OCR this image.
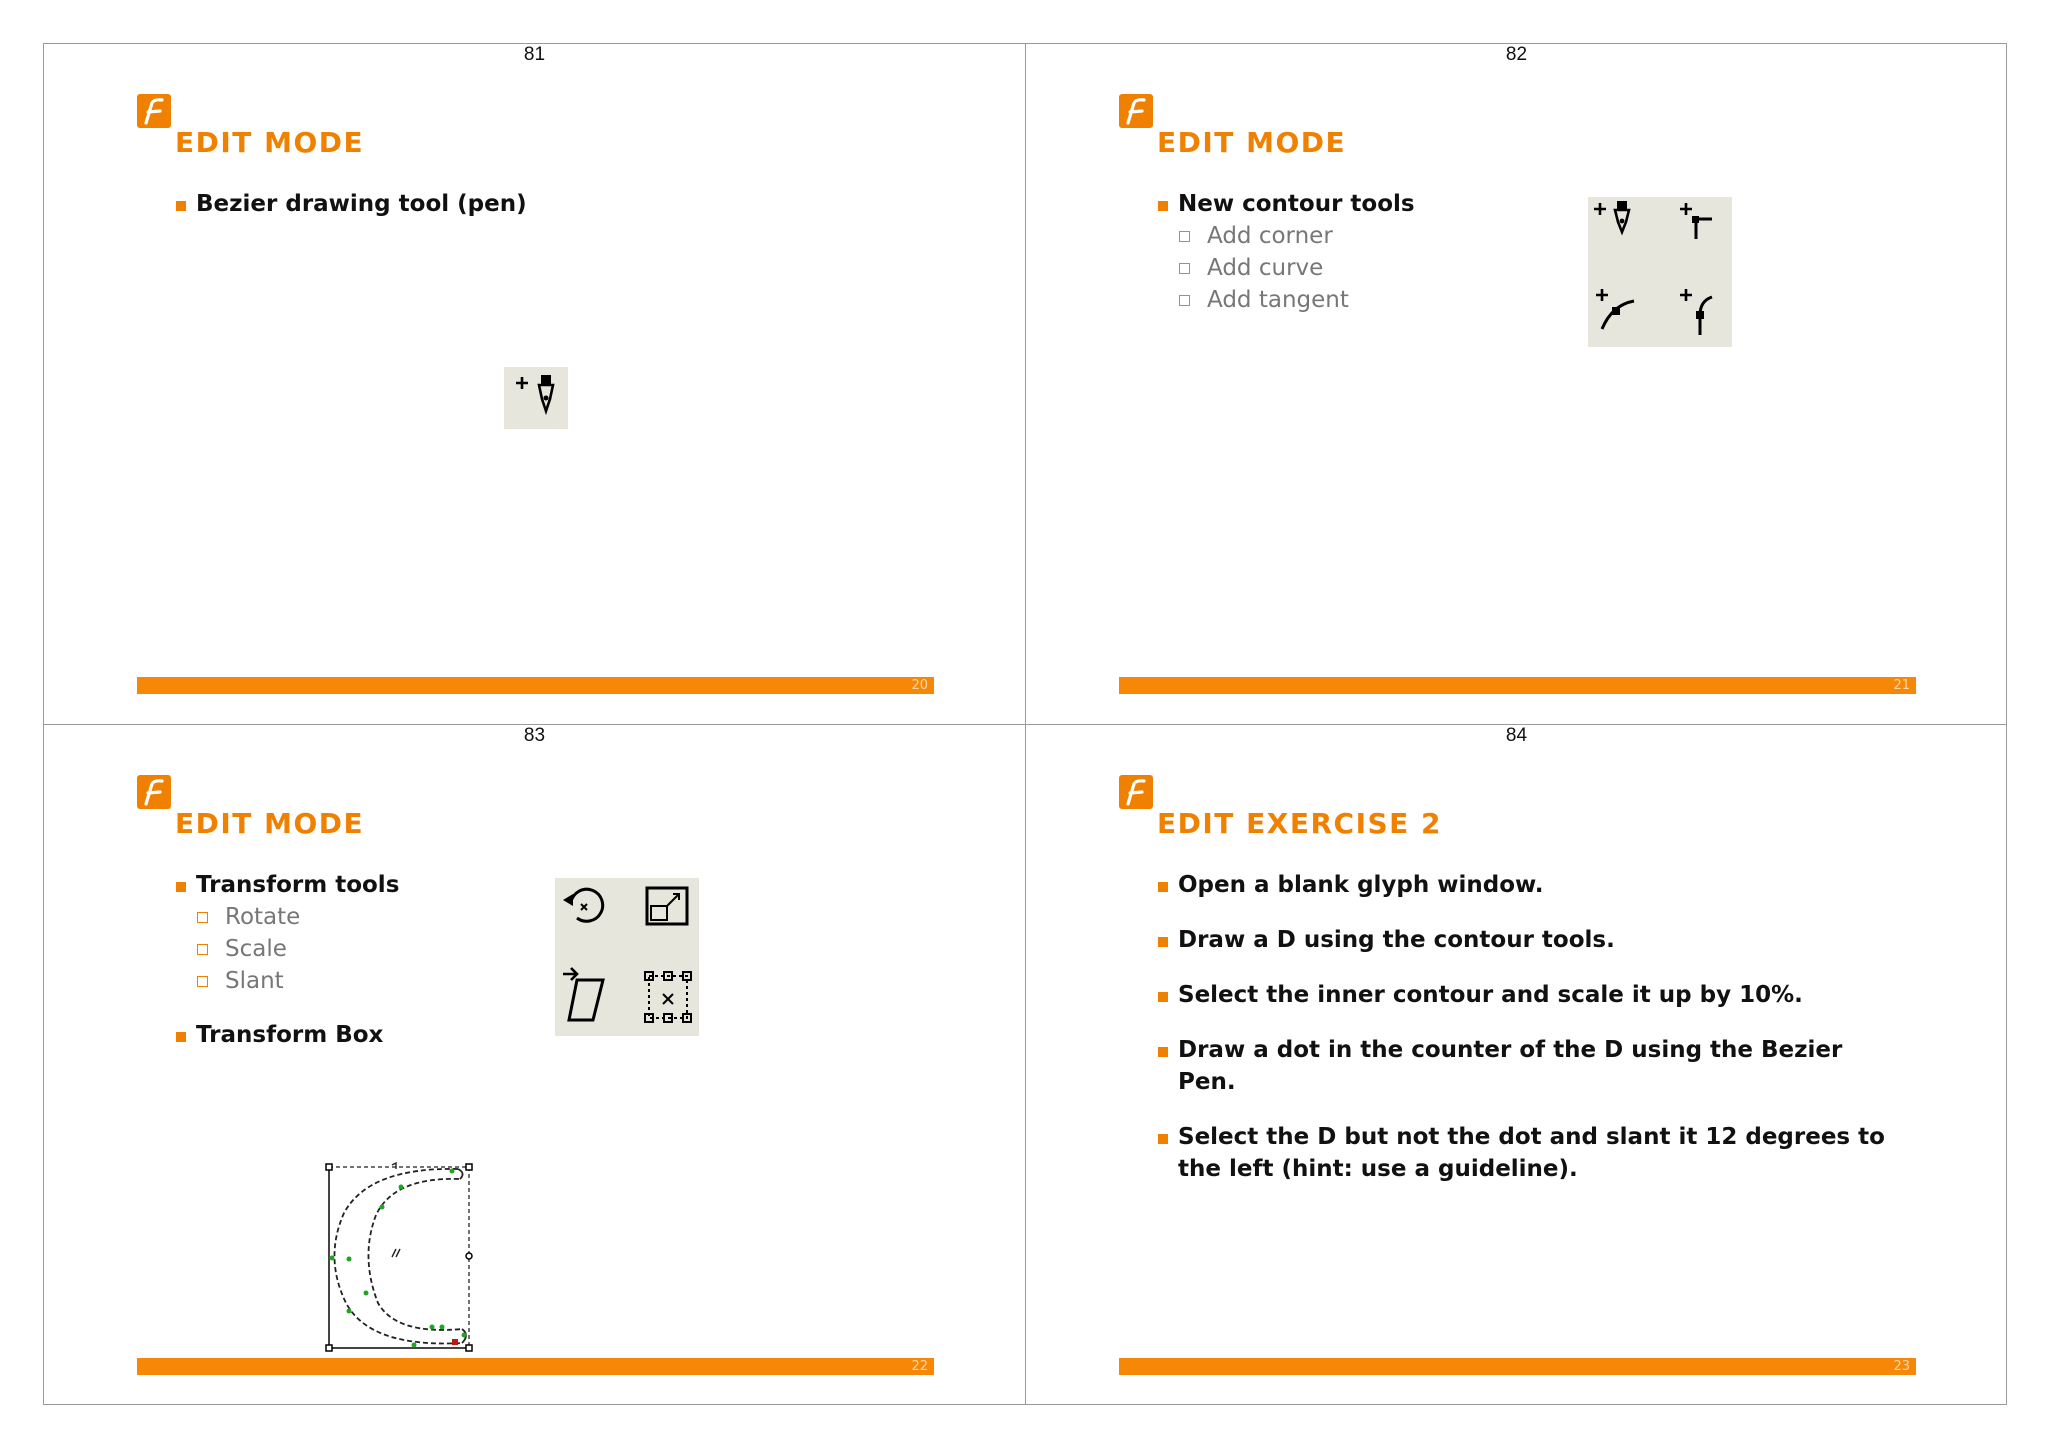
81
EDIT MODE
Bezier drawing tool (pen)
20
82
EDIT MODE
New contour tools
Add corner
Add curve
Add tangent
21
83
EDIT MODE
Transform tools
Rotate
Scale
Slant
Transform Box
22
84
EDIT EXERCISE 2
Open a blank glyph window.
Draw a D using the contour tools.
Select the inner contour and scale it up by 10%.
Draw a dot in the counter of the D using the Bezier Pen.
Select the D but not the dot and slant it 12 degrees to the left (hint: use a guideline).
23
